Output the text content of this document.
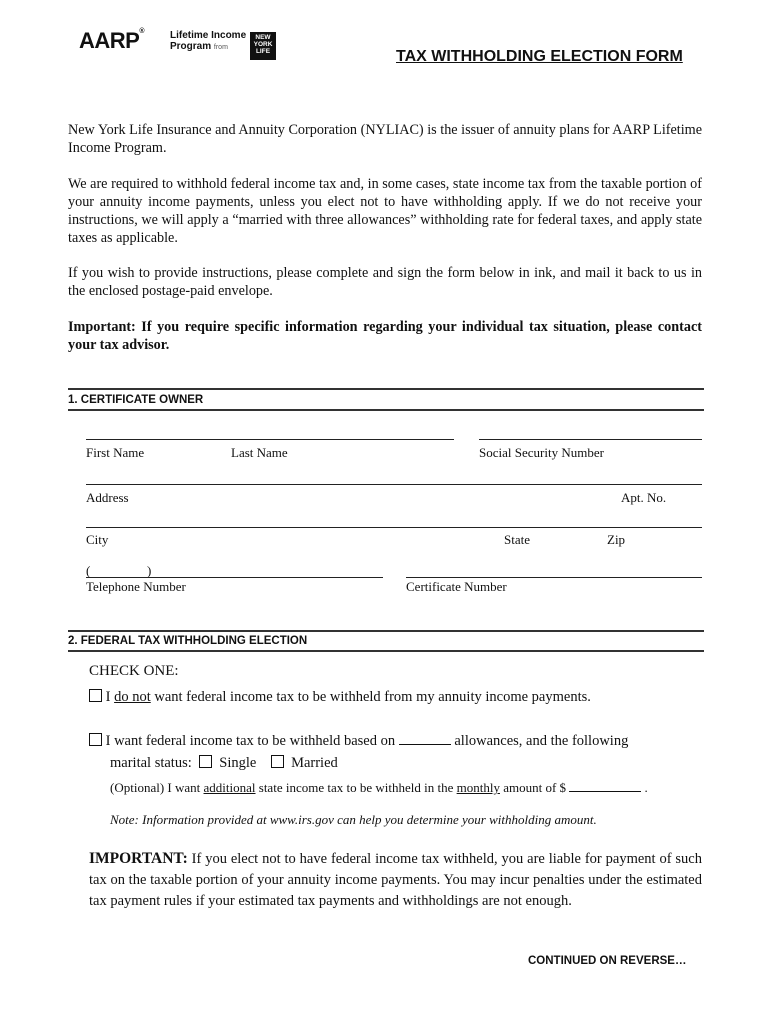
AARP®	Lifetime Income
Program from
NEW
YORK
LIFE	TAX WITHHOLDING ELECTION FORM
New York Life Insurance and Annuity Corporation (NYLIAC) is the issuer of annuity plans for AARP Lifetime Income Program.
We are required to withhold federal income tax and, in some cases, state income tax from the taxable portion of your annuity income payments, unless you elect not to have withholding apply. If we do not receive your instructions, we will apply a “married with three allowances” withholding rate for federal taxes, and apply state taxes as applicable.
If you wish to provide instructions, please complete and sign the form below in ink, and mail it back to us in the enclosed postage-paid envelope.
Important: If you require specific information regarding your individual tax situation, please contact your tax advisor.
1. CERTIFICATE OWNER
First Name	Last Name	Social Security Number
Address	Apt. No.
City	State	Zip
(	)
Telephone Number	Certificate Number
2. FEDERAL TAX WITHHOLDING ELECTION
CHECK ONE:
I do not want federal income tax to be withheld from my annuity income payments.
I want federal income tax to be withheld based on	allowances, and the following
marital status: Single Married
(Optional) I want additional state income tax to be withheld in the monthly amount of $	.
Note: Information provided at www.irs.gov can help you determine your withholding amount.
IMPORTANT: If you elect not to have federal income tax withheld, you are liable for payment of such tax on the taxable portion of your annuity income payments. You may incur penalties under the estimated tax payment rules if your estimated tax payments and withholdings are not enough.
CONTINUED ON REVERSE…
